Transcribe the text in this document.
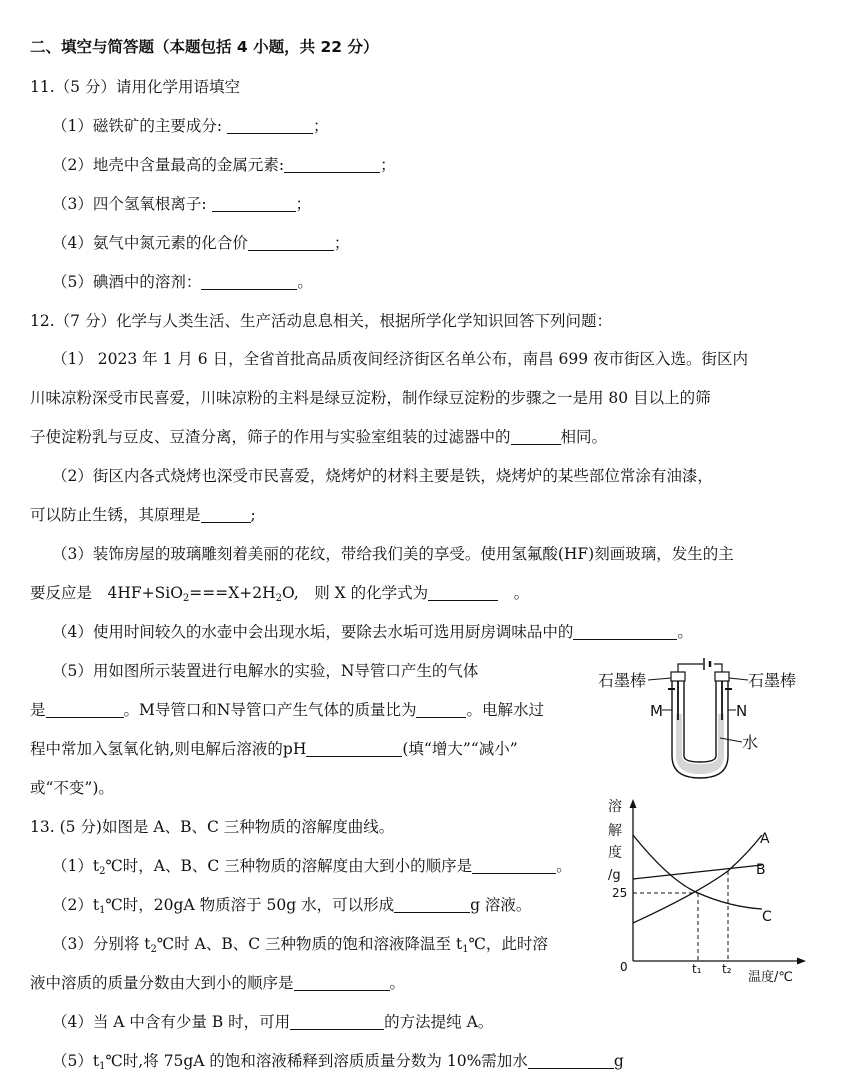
二、填空与简答题（本题包括 4 小题，共 22 分）
11.（5 分）请用化学用语填空
（1）磁铁矿的主要成分:	；
（2）地壳中含量最高的金属元素:	；
（3）四个氢氧根离子:	；
（4）氨气中氮元素的化合价	；
（5）碘酒中的溶剂：	。
12.（7 分）化学与人类生活、生产活动息息相关，根据所学化学知识回答下列问题：
（1） 2023 年 1 月 6 日，全省首批高品质夜间经济街区名单公布，南昌 699 夜市街区入选。街区内
川味凉粉深受市民喜爱，川味凉粉的主料是绿豆淀粉，制作绿豆淀粉的步骤之一是用 80 目以上的筛
子使淀粉乳与豆皮、豆渣分离，筛子的作用与实验室组装的过滤器中的	相同。
（2）街区内各式烧烤也深受市民喜爱，烧烤炉的材料主要是铁，烧烤炉的某些部位常涂有油漆，
可以防止生锈，其原理是	;
（3）装饰房屋的玻璃雕刻着美丽的花纹，带给我们美的享受。使用氢氟酸(HF)刻画玻璃，发生的主
要反应是　$4HF+SiO_2===X+2H_2O$,　则 X 的化学式为	　。
（4）使用时间较久的水壶中会出现水垢，要除去水垢可选用厨房调味品中的	。
（5）用如图所示装置进行电解水的实验，N导管口产生的气体
是	。M导管口和N导管口产生气体的质量比为	。电解水过
程中常加入氢氧化钠,则电解后溶液的pH	(填“增大”“减小”
或“不变”)。
石墨棒	石墨棒
M	N
水
13. (5 分)如图是 A、B、C 三种物质的溶解度曲线。
$(1)t_2℃$时，A、B、C 三种物质的溶解度由大到小的顺序是	。
$(2)t_1℃$时，20gA 物质溶于 50g 水，可以形成	g 溶液。
（3）分别将 $t_2℃$时 A、B、C 三种物质的饱和溶液降温至 $t_1℃$，此时溶
液中溶质的质量分数由大到小的顺序是	。
（4）当 A 中含有少量 B 时，可用	的方法提纯 A。
$(5)t_1℃$时,将 75gA 的饱和溶液稀释到溶质质量分数为 10%需加水	g
溶
解
度
/g
A
B
C
25
0	t₁ t₂
温度/℃
